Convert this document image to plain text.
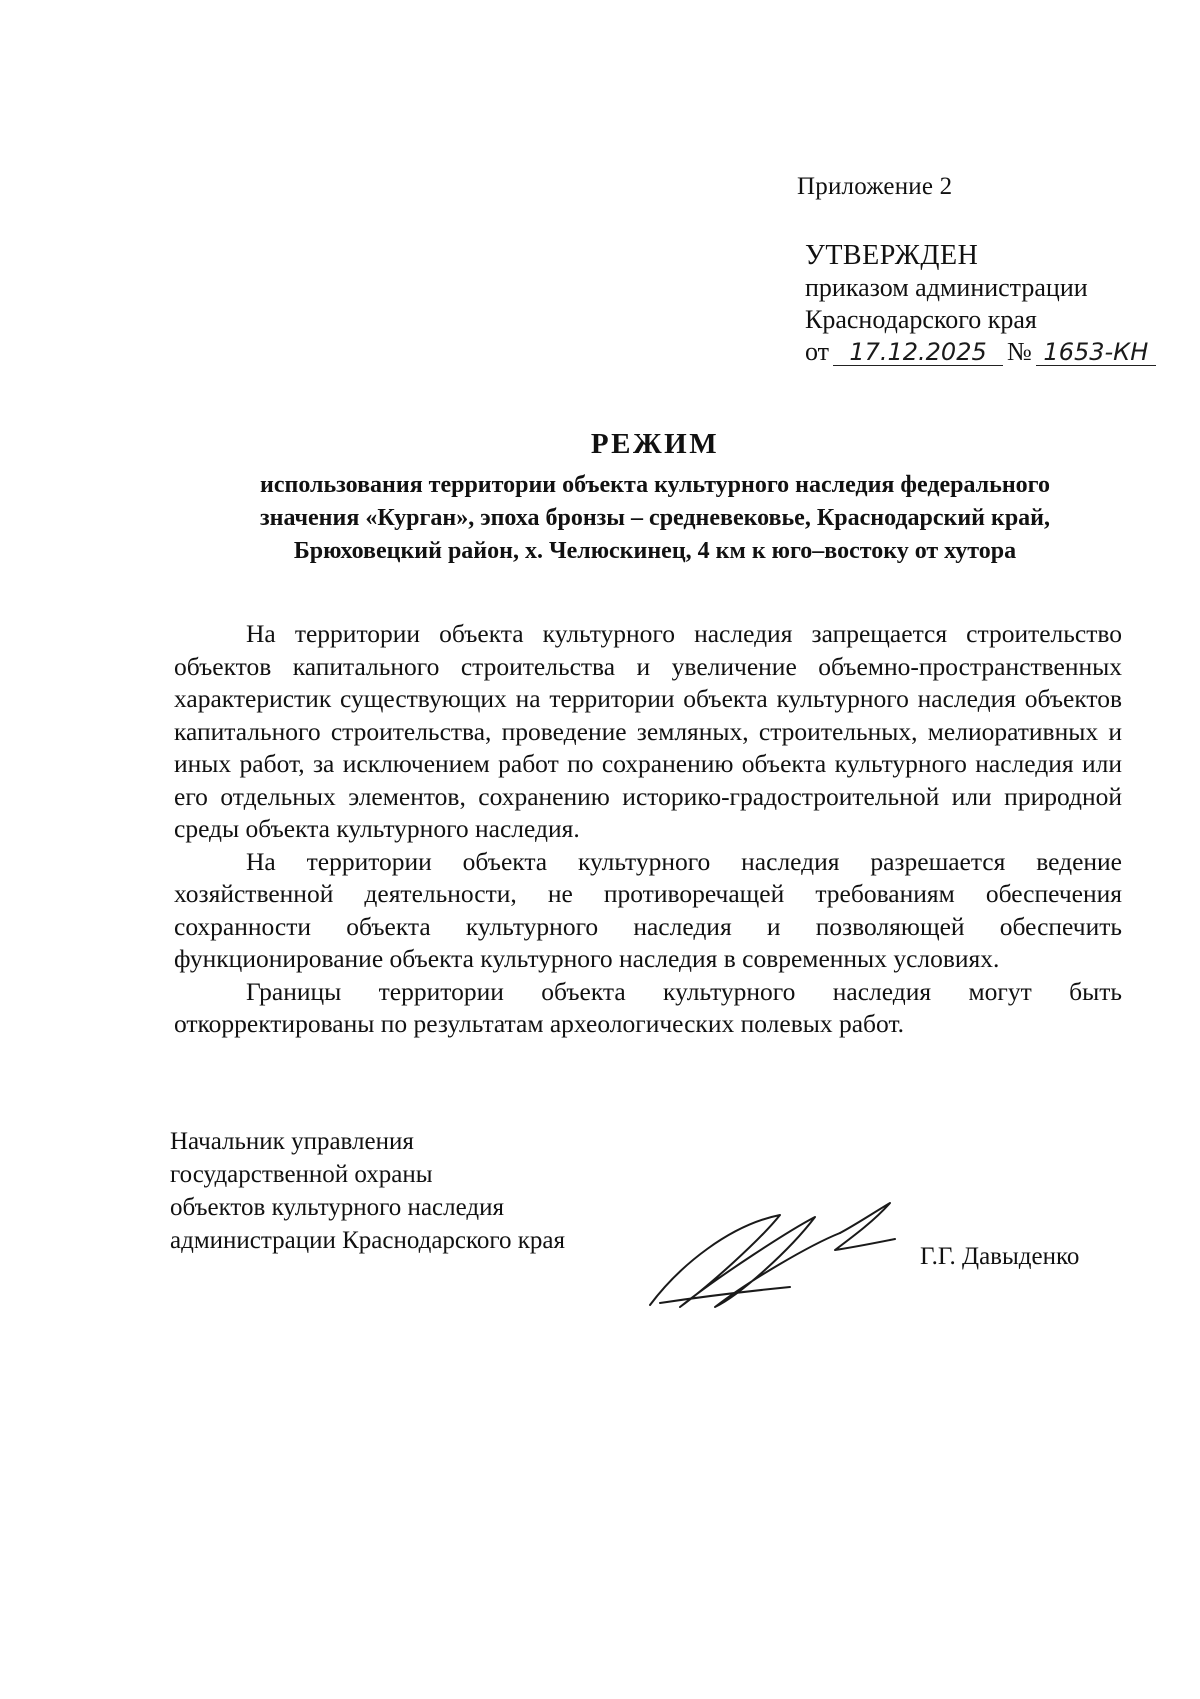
Приложение 2
УТВЕРЖДЕН
приказом администрации
Краснодарского края
от 17.12.2025 № 1653-КН
РЕЖИМ
использования территории объекта культурного наследия федерального
значения «Курган», эпоха бронзы – средневековье, Краснодарский край,
Брюховецкий район, х. Челюскинец, 4 км к юго–востоку от хутора

На территории объекта культурного наследия запрещается строительство объектов капитального строительства и увеличение объемно-пространственных характеристик существующих на территории объекта культурного наследия объектов капитального строительства, проведение земляных, строительных, мелиоративных и иных работ, за исключением работ по сохранению объекта культурного наследия или его отдельных элементов, сохранению историко-градостроительной или природной среды объекта культурного наследия.

На территории объекта культурного наследия разрешается ведение хозяйственной деятельности, не противоречащей требованиям обеспечения сохранности объекта культурного наследия и позволяющей обеспечить функционирование объекта культурного наследия в современных условиях.

Границы территории объекта культурного наследия могут быть откорректированы по результатам археологических полевых работ.

Начальник управления
государственной охраны
объектов культурного наследия
администрации Краснодарского края
Г.Г. Давыденко
